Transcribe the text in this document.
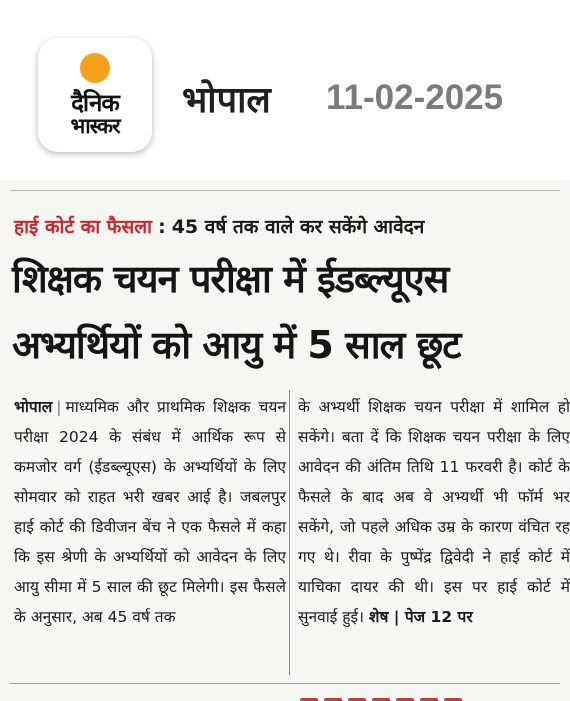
दैनिक
भास्कर
भोपाल 11-02-2025
हाई कोर्ट का फैसला : 45 वर्ष तक वाले कर सकेंगे आवेदन
शिक्षक चयन परीक्षा में ईडब्ल्यूएस
अभ्यर्थियों को आयु में 5 साल छूट
भोपाल | माध्यमिक और प्राथमिक शिक्षक चयन परीक्षा 2024 के संबंध में आर्थिक रूप से कमजोर वर्ग (ईडब्ल्यूएस) के अभ्यर्थियों के लिए सोमवार को राहत भरी खबर आई है। जबलपुर हाई कोर्ट की डिवीजन बेंच ने एक फैसले में कहा कि इस श्रेणी के अभ्यर्थियों को आवेदन के लिए आयु सीमा में 5 साल की छूट मिलेगी। इस फैसले के अनुसार, अब 45 वर्ष तक
के अभ्यर्थी शिक्षक चयन परीक्षा में शामिल हो सकेंगे। बता दें कि शिक्षक चयन परीक्षा के लिए आवेदन की अंतिम तिथि 11 फरवरी है। कोर्ट के फैसले के बाद अब वे अभ्यर्थी भी फॉर्म भर सकेंगे, जो पहले अधिक उम्र के कारण वंचित रह गए थे। रीवा के पुष्पेंद्र द्विवेदी ने हाई कोर्ट में याचिका दायर की थी। इस पर हाई कोर्ट में सुनवाई हुई। शेष | पेज 12 पर
